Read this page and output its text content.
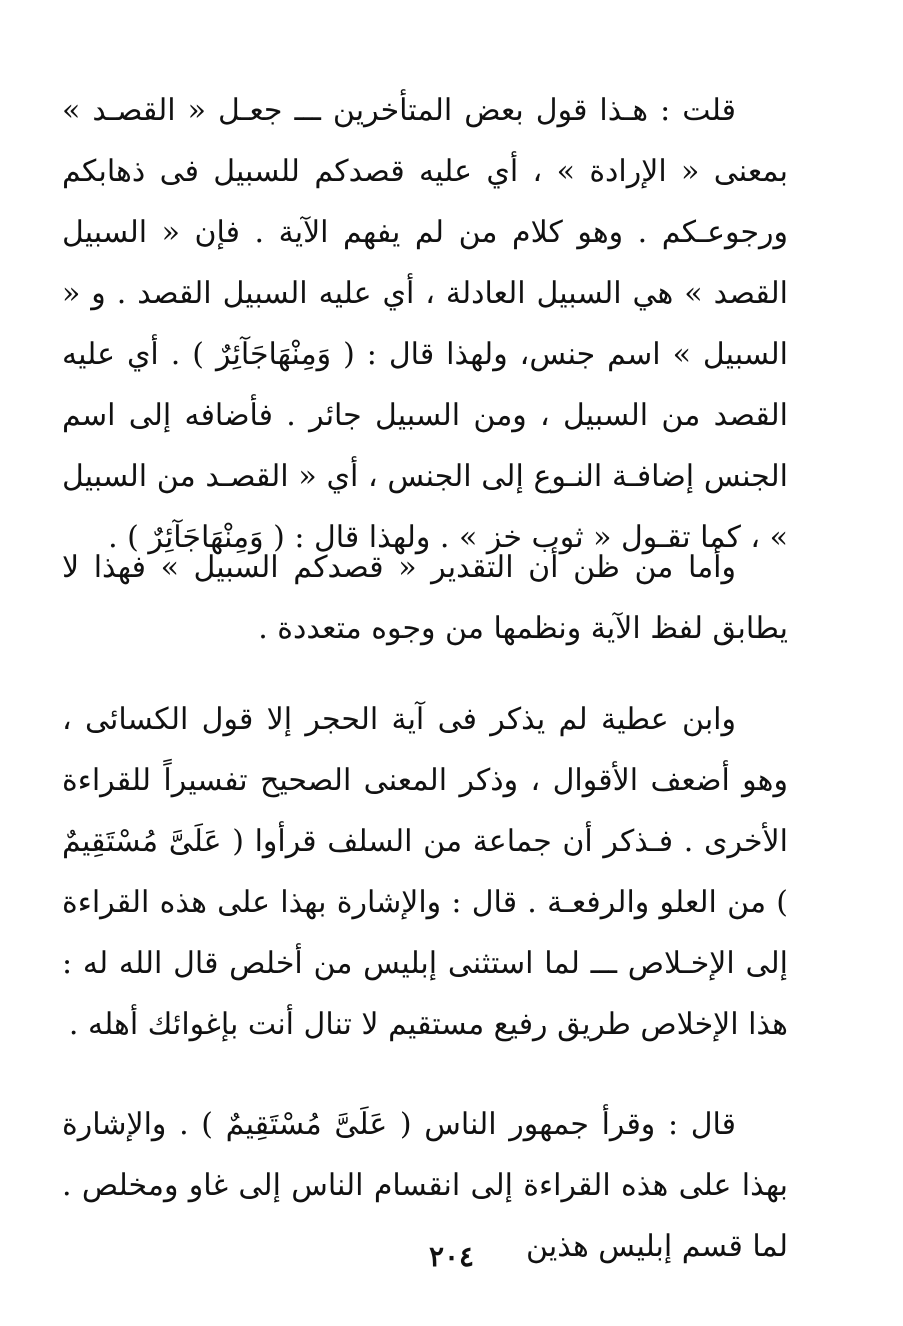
قلت : هـذا قول بعض المتأخرين ـــ جعـل « القصـد » بمعنى « الإرادة » ، أي عليه قصدكم للسبيل فى ذهابكم ورجوعـكم . وهو كلام من لم يفهم الآية . فإن « السبيل القصد » هي السبيل العادلة ، أي عليه السبيل القصد . و « السبيل » اسم جنس، ولهذا قال : ( وَمِنْهَاجَآئِرٌ ) . أي عليه القصد من السبيل ، ومن السبيل جائر . فأضافه إلى اسم الجنس إضافـة النـوع إلى الجنس ، أي « القصـد من السبيل » ، كما تقـول « ثوب خز » . ولهذا قال : ( وَمِنْهَاجَآئِرٌ ) .

وأما من ظن أن التقدير « قصدكم السبيل » فهذا لا يطابق لفظ الآية ونظمها من وجوه متعددة .

وابن عطية لم يذكر فى آية الحجر إلا قول الكسائى ، وهو أضعف الأقوال ، وذكر المعنى الصحيح تفسيراً للقراءة الأخرى . فـذكر أن جماعة من السلف قرأوا ( عَلَىَّ مُسْتَقِيمٌ ) من العلو والرفعـة . قال : والإشارة بهذا على هذه القراءة إلى الإخـلاص ـــ لما استثنى إبليس من أخلص قال الله له : هذا الإخلاص طريق رفيع مستقيم لا تنال أنت بإغوائك أهله .

قال : وقرأ جمهور الناس ( عَلَىَّ مُسْتَقِيمٌ ) . والإشارة بهذا على هذه القراءة إلى انقسام الناس إلى غاو ومخلص . لما قسم إبليس هذين

٢٠٤
